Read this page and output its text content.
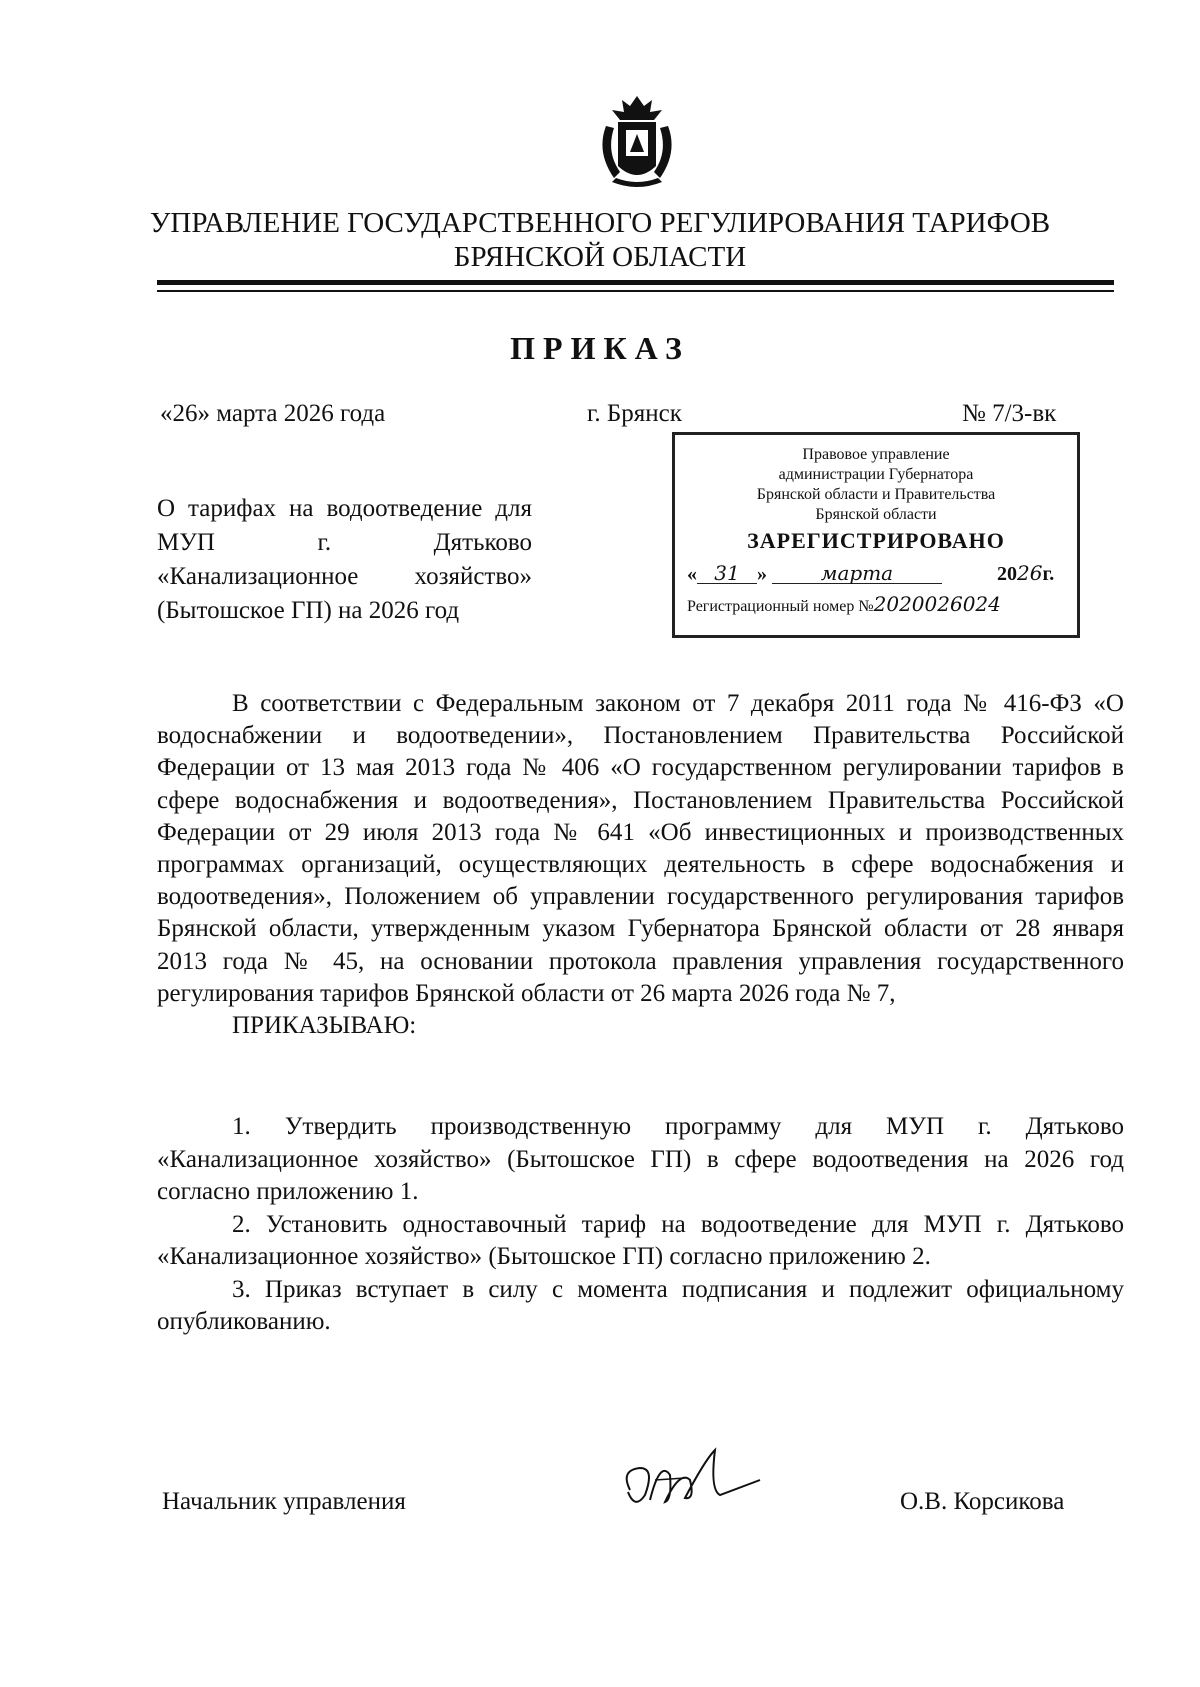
УПРАВЛЕНИЕ ГОСУДАРСТВЕННОГО РЕГУЛИРОВАНИЯ ТАРИФОВ
БРЯНСКОЙ ОБЛАСТИ
ПРИКАЗ
«26» марта 2026 года	г. Брянск	№ 7/3-вк
О тарифах на водоотведение для МУП г. Дятьково «Канализационное хозяйство» (Бытошское ГП) на 2026 год
Правовое управление
администрации Губернатора
Брянской области и Правительства
Брянской области
ЗАРЕГИСТРИРОВАНО
« 31 » марта	2026г.
Регистрационный номер №2020026024

В соответствии с Федеральным законом от 7 декабря 2011 года № 416-ФЗ «О водоснабжении и водоотведении», Постановлением Правительства Российской Федерации от 13 мая 2013 года № 406 «О государственном регулировании тарифов в сфере водоснабжения и водоотведения», Постановлением Правительства Российской Федерации от 29 июля 2013 года № 641 «Об инвестиционных и производственных программах организаций, осуществляющих деятельность в сфере водоснабжения и водоотведения», Положением об управлении государственного регулирования тарифов Брянской области, утвержденным указом Губернатора Брянской области от 28 января 2013 года № 45, на основании протокола правления управления государственного регулирования тарифов Брянской области от 26 марта 2026 года № 7,

ПРИКАЗЫВАЮ:

1. Утвердить производственную программу для МУП г. Дятьково «Канализационное хозяйство» (Бытошское ГП) в сфере водоотведения на 2026 год согласно приложению 1.

2. Установить одноставочный тариф на водоотведение для МУП г. Дятьково «Канализационное хозяйство» (Бытошское ГП) согласно приложению 2.

3. Приказ вступает в силу с момента подписания и подлежит официальному опубликованию.

Начальник управления	О.В. Корсикова
